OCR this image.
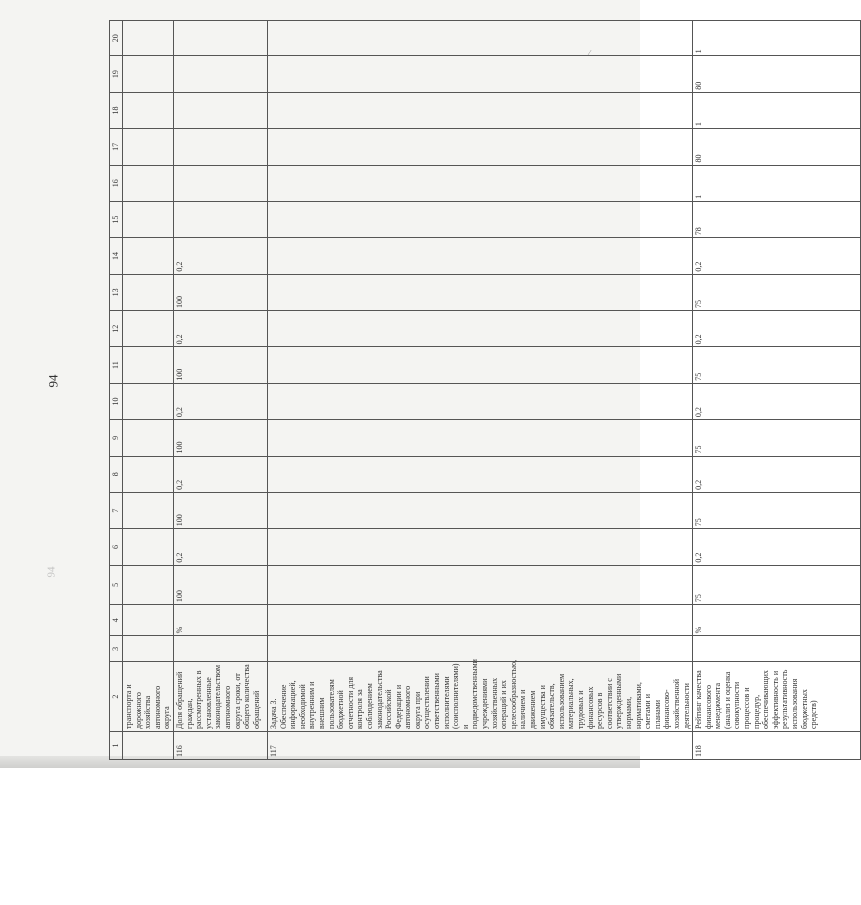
94
94
⁄
1	2	3	4	5	6	7	8	9	10	11	12	13	14	15	16	17	18	19	20
	транспорта и дорожного хозяйства автономного округа																		
116	Доля обращений граждан, рассмотренных в установленные законодательством автономного округа сроки, от общего количества обращений		%	100	0,2	100	0,2	100	0,2	100	0,2	100	0,2						
117	Задача 3. Обеспечение информацией, необходимой внутренним и внешним пользователям бюджетной отчетности для контроля за соблюдением законодательства Российской Федерации и автономного округа при осуществлении ответственными исполнителями (соисполнителями) и подведомственными учреждениями хозяйственных операций и их целесообразностью, наличием и движением имущества и обязательств, использованием материальных, трудовых и финансовых ресурсов в соответствии с утвержденными нормами, нормативами, сметами и планами финансово-хозяйственной деятельности																		
118	Рейтинг качества финансового менеджмента (анализ и оценка совокупности процессов и процедур, обеспечивающих эффективность и результативность использования бюджетных средств)		%	75	0,2	75	0,2	75	0,2	75	0,2	75	0,2	78	1	80	1	80	1
